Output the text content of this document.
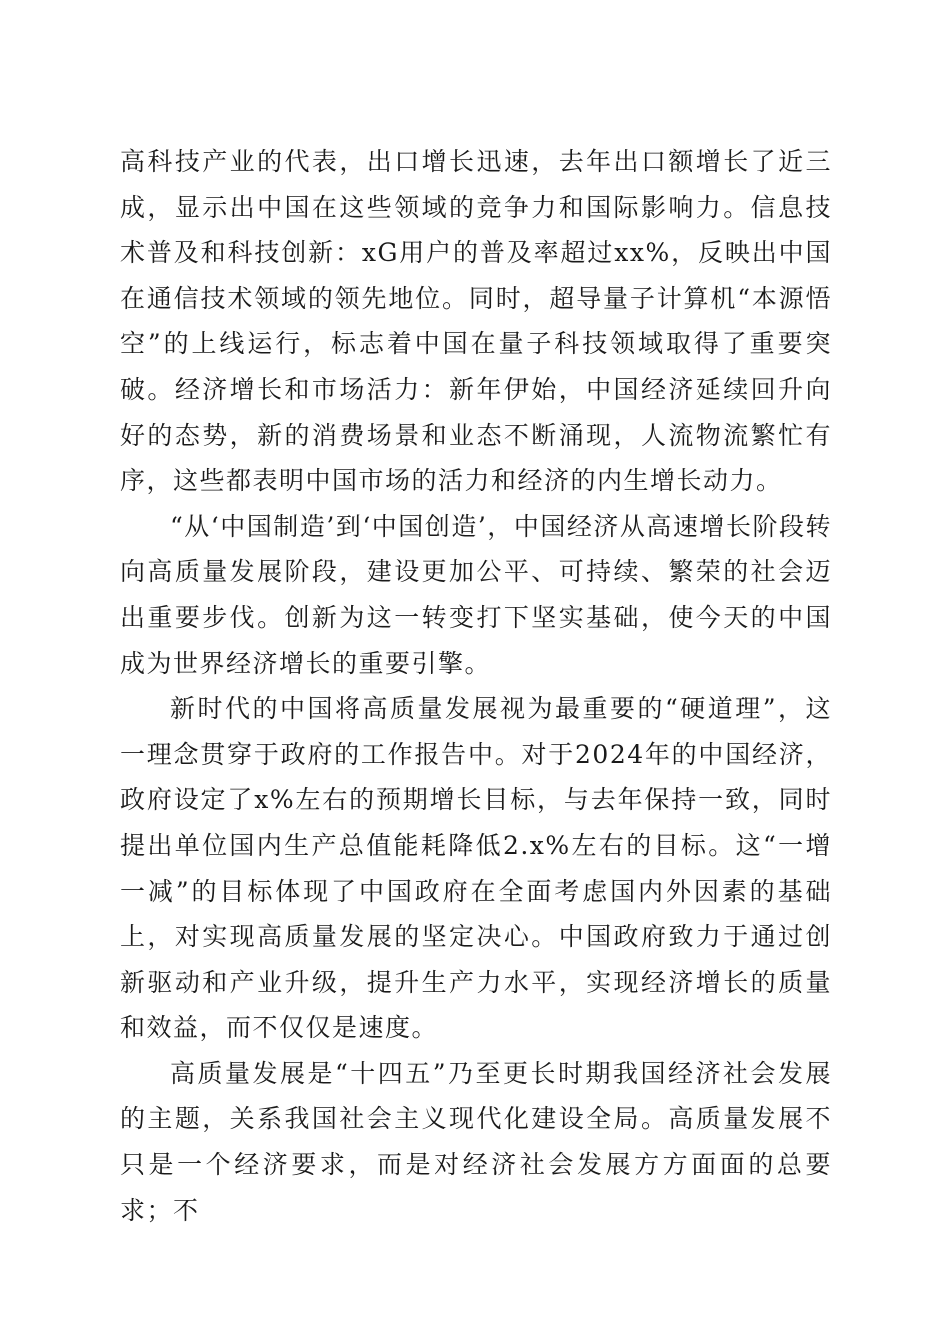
高科技产业的代表，出口增长迅速，去年出口额增长了近三成，显示出中国在这些领域的竞争力和国际影响力。信息技术普及和科技创新：xG用户的普及率超过xx%，反映出中国在通信技术领域的领先地位。同时，超导量子计算机“本源悟空”的上线运行，标志着中国在量子科技领域取得了重要突破。经济增长和市场活力：新年伊始，中国经济延续回升向好的态势，新的消费场景和业态不断涌现，人流物流繁忙有序，这些都表明中国市场的活力和经济的内生增长动力。

“从‘中国制造’到‘中国创造’，中国经济从高速增长阶段转向高质量发展阶段，建设更加公平、可持续、繁荣的社会迈出重要步伐。创新为这一转变打下坚实基础，使今天的中国成为世界经济增长的重要引擎。

新时代的中国将高质量发展视为最重要的“硬道理”，这一理念贯穿于政府的工作报告中。对于2024年的中国经济，政府设定了x%左右的预期增长目标，与去年保持一致，同时提出单位国内生产总值能耗降低2.x%左右的目标。这“一增一减”的目标体现了中国政府在全面考虑国内外因素的基础上，对实现高质量发展的坚定决心。中国政府致力于通过创新驱动和产业升级，提升生产力水平，实现经济增长的质量和效益，而不仅仅是速度。

高质量发展是“十四五”乃至更长时期我国经济社会发展的主题，关系我国社会主义现代化建设全局。高质量发展不只是一个经济要求，而是对经济社会发展方方面面的总要求；不
